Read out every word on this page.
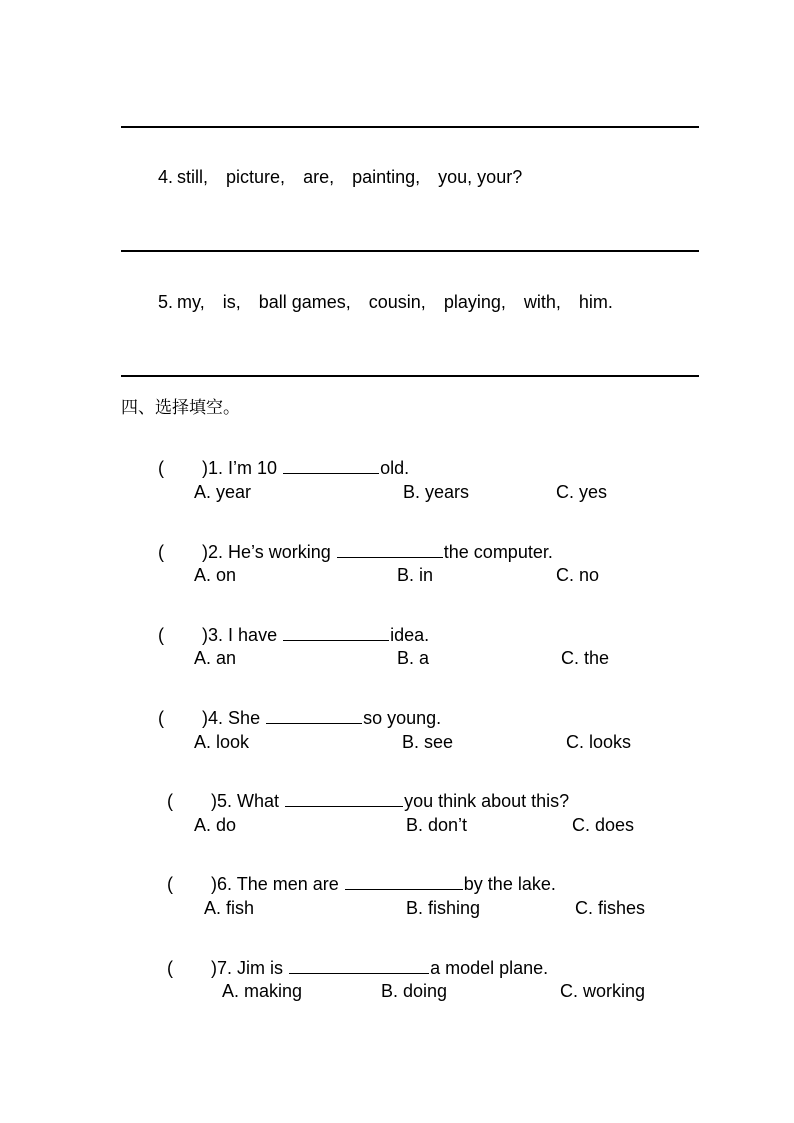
4. still, picture, are, painting, you, your?

5. my, is, ball games, cousin, playing, with, him.

四、选择填空。

( )1. I’m 10	old.

A. year	B. years	C. yes

( )2. He’s working	the computer.

A. on	B. in	C. no

( )3. I have	idea.

A. an	B. a	C. the

( )4. She	so young.

A. look	B. see	C. looks

( )5. What	you think about this?

A. do	B. don’t	C. does

( )6. The men are	by the lake.

A. fish	B. fishing	C. fishes

( )7. Jim is	a model plane.

A. making	B. doing	C. working
